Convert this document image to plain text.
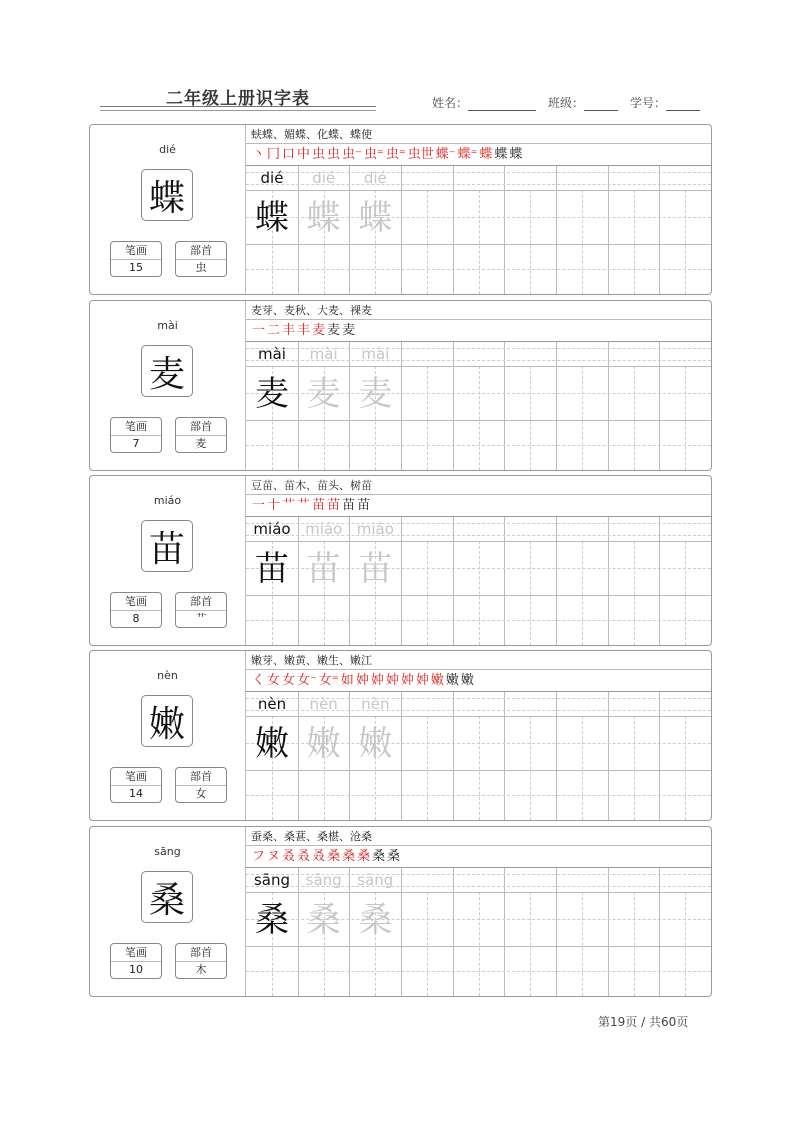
二年级上册识字表	姓名：	班级：	学号：
dié
蝶
笔画
15
部首
虫
蛱蝶、媚蝶、化蝶、蝶使
丶 冂 口 中 虫 虫 虫⁻ 虫⁼ 虫⁼ 虫世 蝶⁻ 蝶⁼ 蝶 蝶 蝶
dié
蝶
dié
蝶
dié
蝶
mài
麦
笔画
7
部首
麦
麦芽、麦秋、大麦、裸麦
一 二 丰 丰 麦 麦 麦
mài
麦
mài
麦
mài
麦
miáo
苗
笔画
8
部首
艹
豆苗、苗木、苗头、树苗
一 十 艹 艹 苗 苗 苗 苗
miáo
苗
miáo
苗
miáo
苗
nèn
嫩
笔画
14
部首
女
嫩芽、嫩黄、嫩生、嫩江
く 女 女 女⁻ 女⁼ 如 妕 妕 妕 妕 妕 嫩 嫩 嫩
nèn
嫩
nèn
嫩
nèn
嫩
sāng
桑
笔画
10
部首
木
蚕桑、桑葚、桑椹、沧桑
フ ヌ 叒 叒 叒 桑 桑 桑 桑 桑
sāng
桑
sāng
桑
sāng
桑
第19页 / 共60页
